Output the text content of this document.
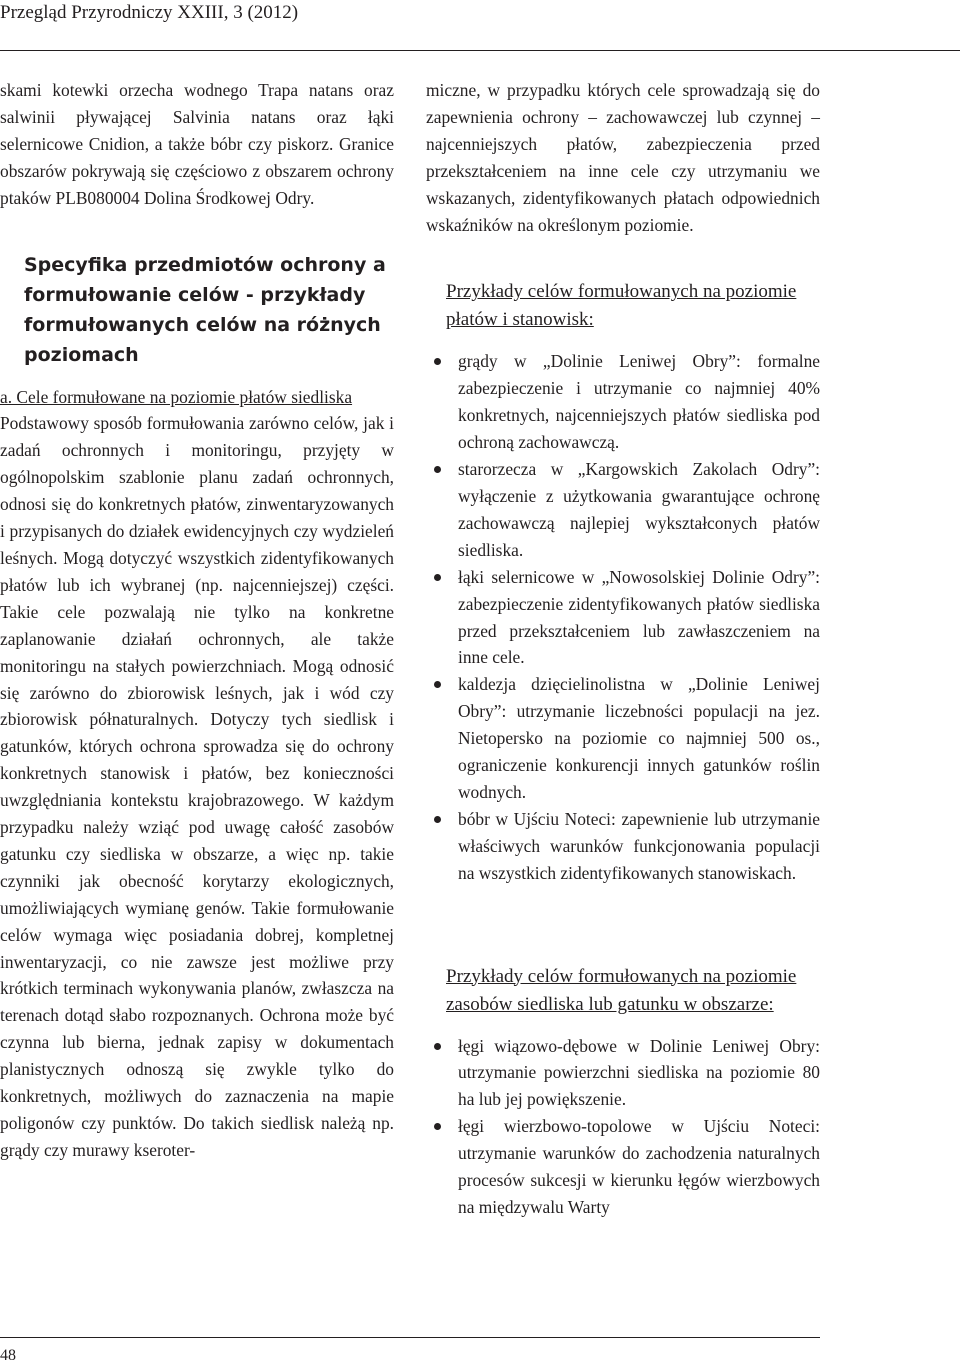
Przegląd Przyrodniczy XXIII, 3 (2012)

skami kotewki orzecha wodnego Trapa natans oraz salwinii pływającej Salvinia natans oraz łąki selernicowe Cnidion, a także bóbr czy piskorz. Granice obszarów pokrywają się częściowo z obszarem ochrony ptaków PLB080004 Dolina Środkowej Odry.

Specyfika przedmiotów ochrony a formułowanie celów - przykłady formułowanych celów na różnych poziomach

a. Cele formułowane na poziomie płatów siedliska

Podstawowy sposób formułowania zarówno celów, jak i zadań ochronnych i monitoringu, przyjęty w ogólnopolskim szablonie planu zadań ochronnych, odnosi się do konkretnych płatów, zinwentaryzowanych i przypisanych do działek ewidencyjnych czy wydzieleń leśnych. Mogą dotyczyć wszystkich zidentyfikowanych płatów lub ich wybranej (np. najcenniejszej) części. Takie cele pozwalają nie tylko na konkretne zaplanowanie działań ochronnych, ale także monitoringu na stałych powierzchniach. Mogą odnosić się zarówno do zbiorowisk leśnych, jak i wód czy zbiorowisk półnaturalnych. Dotyczy tych siedlisk i gatunków, których ochrona sprowadza się do ochrony konkretnych stanowisk i płatów, bez konieczności uwzględniania kontekstu krajobrazowego. W każdym przypadku należy wziąć pod uwagę całość zasobów gatunku czy siedliska w obszarze, a więc np. takie czynniki jak obecność korytarzy ekologicznych, umożliwiających wymianę genów. Takie formułowanie celów wymaga więc posiadania dobrej, kompletnej inwentaryzacji, co nie zawsze jest możliwe przy krótkich terminach wykonywania planów, zwłaszcza na terenach dotąd słabo rozpoznanych. Ochrona może być czynna lub bierna, jednak zapisy w dokumentach planistycznych odnoszą się zwykle tylko do konkretnych, możliwych do zaznaczenia na mapie poligonów czy punktów. Do takich siedlisk należą np. grądy czy murawy kseroter-

miczne, w przypadku których cele sprowadzają się do zapewnienia ochrony – zachowawczej lub czynnej – najcenniejszych płatów, zabezpieczenia przed przekształceniem na inne cele czy utrzymaniu we wskazanych, zidentyfikowanych płatach odpowiednich wskaźników na określonym poziomie.

Przykłady celów formułowanych na poziomie płatów i stanowisk:
grądy w „Dolinie Leniwej Obry”: formalne zabezpieczenie i utrzymanie co najmniej 40% konkretnych, najcenniejszych płatów siedliska pod ochroną zachowawczą.
starorzecza w „Kargowskich Zakolach Odry”: wyłączenie z użytkowania gwarantujące ochronę zachowawczą najlepiej wykształconych płatów siedliska.
łąki selernicowe w „Nowosolskiej Dolinie Odry”: zabezpieczenie zidentyfikowanych płatów siedliska przed przekształceniem lub zawłaszczeniem na inne cele.
kaldezja dzięcielinolistna w „Dolinie Leniwej Obry”: utrzymanie liczebności populacji na jez. Nietopersko na poziomie co najmniej 500 os., ograniczenie konkurencji innych gatunków roślin wodnych.
bóbr w Ujściu Noteci: zapewnienie lub utrzymanie właściwych warunków funkcjonowania populacji na wszystkich zidentyfikowanych stanowiskach.
Przykłady celów formułowanych na poziomie zasobów siedliska lub gatunku w obszarze:
łęgi wiązowo-dębowe w Dolinie Leniwej Obry: utrzymanie powierzchni siedliska na poziomie 80 ha lub jej powiększenie.
łęgi wierzbowo-topolowe w Ujściu Noteci: utrzymanie warunków do zachodzenia naturalnych procesów sukcesji w kierunku łęgów wierzbowych na międzywalu Warty
48
